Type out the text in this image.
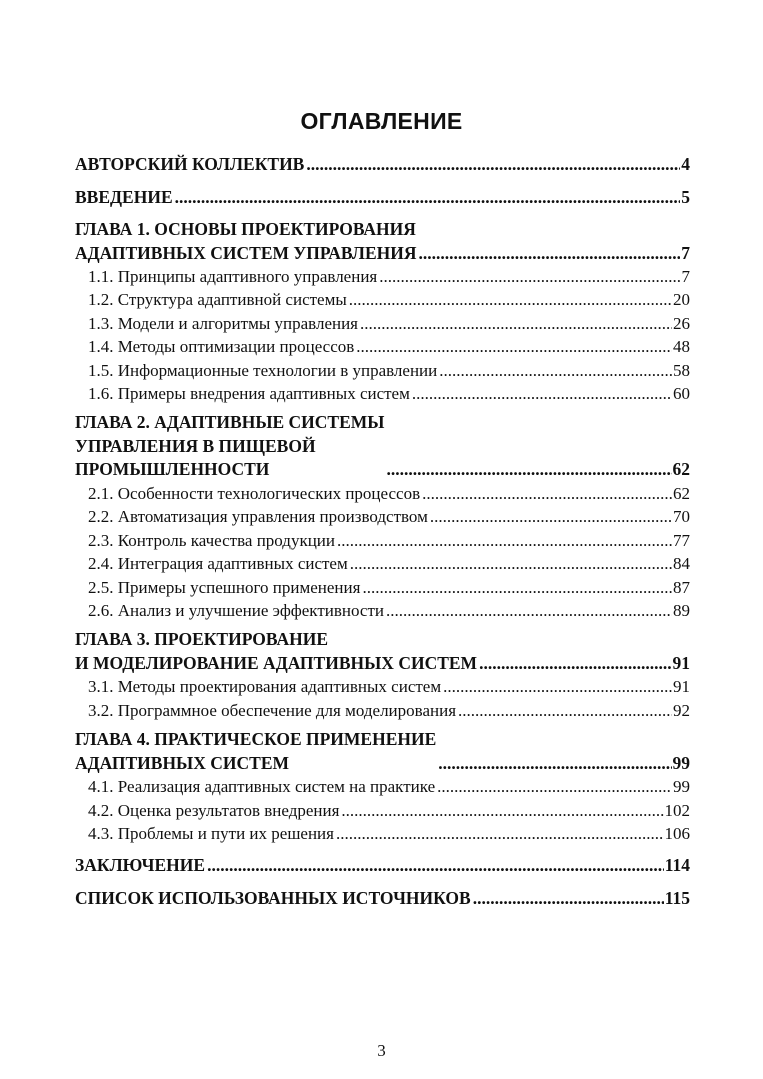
ОГЛАВЛЕНИЕ
АВТОРСКИЙ КОЛЛЕКТИВ .....	4
ВВЕДЕНИЕ .....	5
ГЛАВА 1. ОСНОВЫ ПРОЕКТИРОВАНИЯ
АДАПТИВНЫХ СИСТЕМ УПРАВЛЕНИЯ .....	7
1.1. Принципы адаптивного управления .....	7
1.2. Структура адаптивной системы .....	20
1.3. Модели и алгоритмы управления .....	26
1.4. Методы оптимизации процессов .....	48
1.5. Информационные технологии в управлении .....	58
1.6. Примеры внедрения адаптивных систем .....	60
ГЛАВА 2. АДАПТИВНЫЕ СИСТЕМЫ
УПРАВЛЕНИЯ В ПИЩЕВОЙ
ПРОМЫШЛЕННОСТИ .....	62
2.1. Особенности технологических процессов .....	62
2.2. Автоматизация управления производством .....	70
2.3. Контроль качества продукции .....	77
2.4. Интеграция адаптивных систем .....	84
2.5. Примеры успешного применения .....	87
2.6. Анализ и улучшение эффективности .....	89
ГЛАВА 3. ПРОЕКТИРОВАНИЕ
И МОДЕЛИРОВАНИЕ АДАПТИВНЫХ СИСТЕМ .....	91
3.1. Методы проектирования адаптивных систем .....	91
3.2. Программное обеспечение для моделирования .....	92
ГЛАВА 4. ПРАКТИЧЕСКОЕ ПРИМЕНЕНИЕ
АДАПТИВНЫХ СИСТЕМ .....	99
4.1. Реализация адаптивных систем на практике .....	99
4.2. Оценка результатов внедрения .....	102
4.3. Проблемы и пути их решения .....	106
ЗАКЛЮЧЕНИЕ .....	114
СПИСОК ИСПОЛЬЗОВАННЫХ ИСТОЧНИКОВ .....	115
3
